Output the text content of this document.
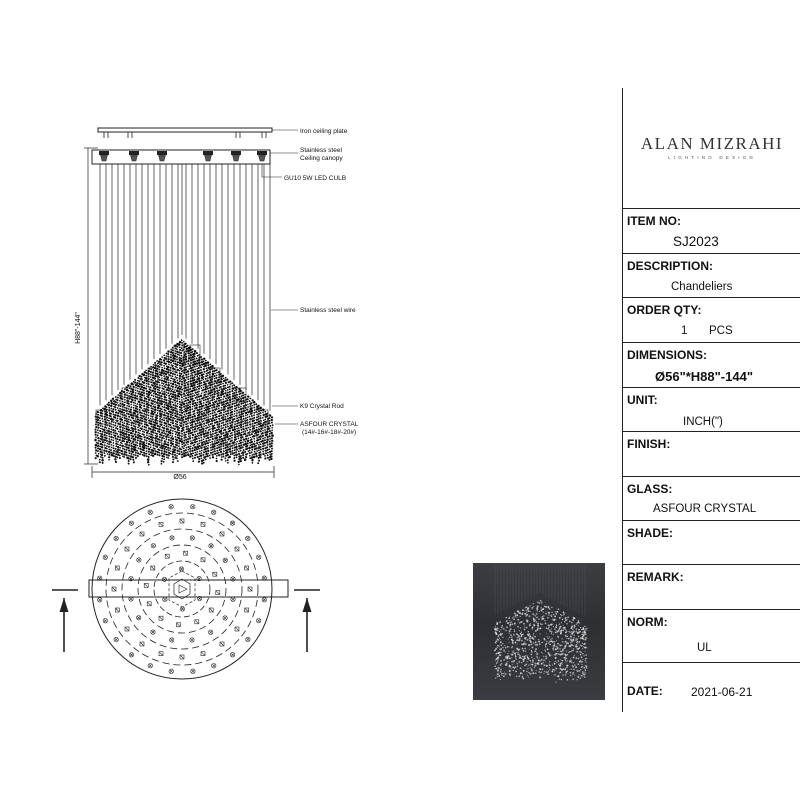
Iron ceiling plate
Stainless steel
Ceiling canopy
GU10 5W LED CULB
Stainless steel wire
K9 Crystal Rod
ASFOUR CRYSTAL
(14#-16#-18#-20#)
H88"-144"
Ø56
ALAN MIZRAHI
LIGHTING DESIGN
ITEM NO:
SJ2023
DESCRIPTION:
Chandeliers
ORDER QTY:
1 PCS
DIMENSIONS:
Ø56"*H88"-144"
UNIT:
INCH(")
FINISH:
GLASS:
ASFOUR CRYSTAL
SHADE:
REMARK:
NORM:
UL
DATE: 2021-06-21
